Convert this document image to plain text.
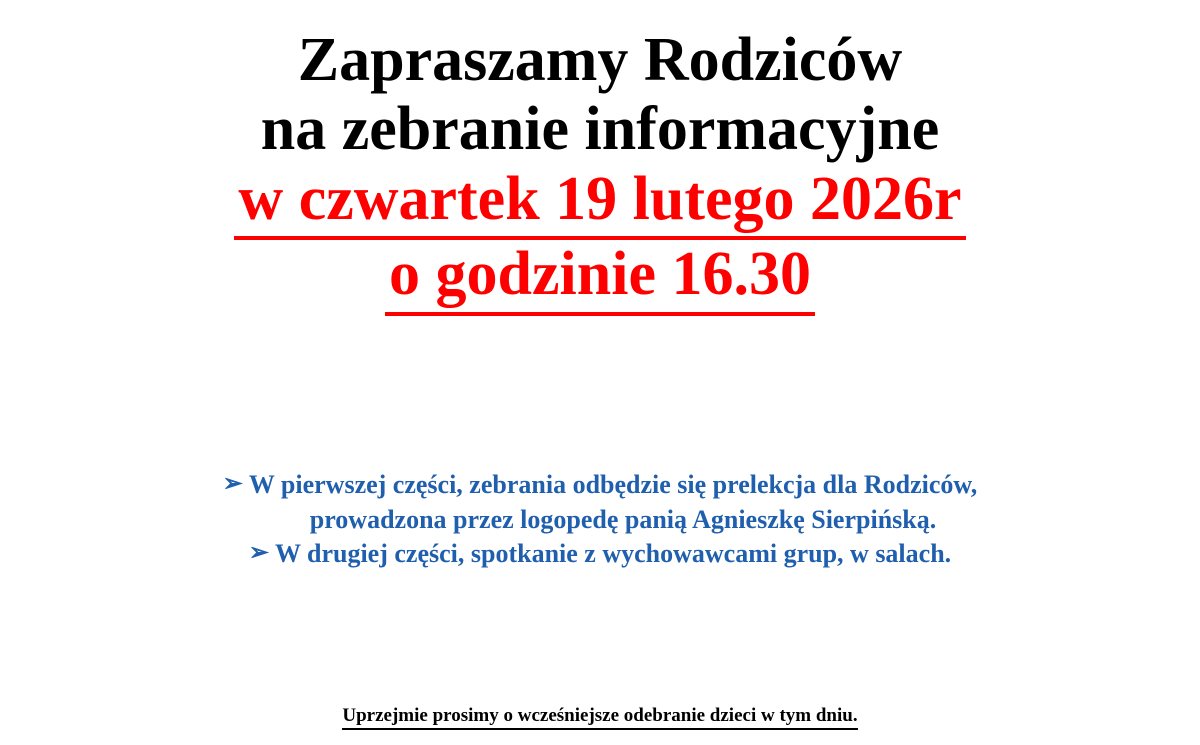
Zapraszamy Rodziców
na zebranie informacyjne
w czwartek 19 lutego 2026r
o godzinie 16.30
➢ W pierwszej części, zebrania odbędzie się prelekcja dla Rodziców,
prowadzona przez logopedę panią Agnieszkę Sierpińską.
➢ W drugiej części, spotkanie z wychowawcami grup, w salach.
Uprzejmie prosimy o wcześniejsze odebranie dzieci w tym dniu.
